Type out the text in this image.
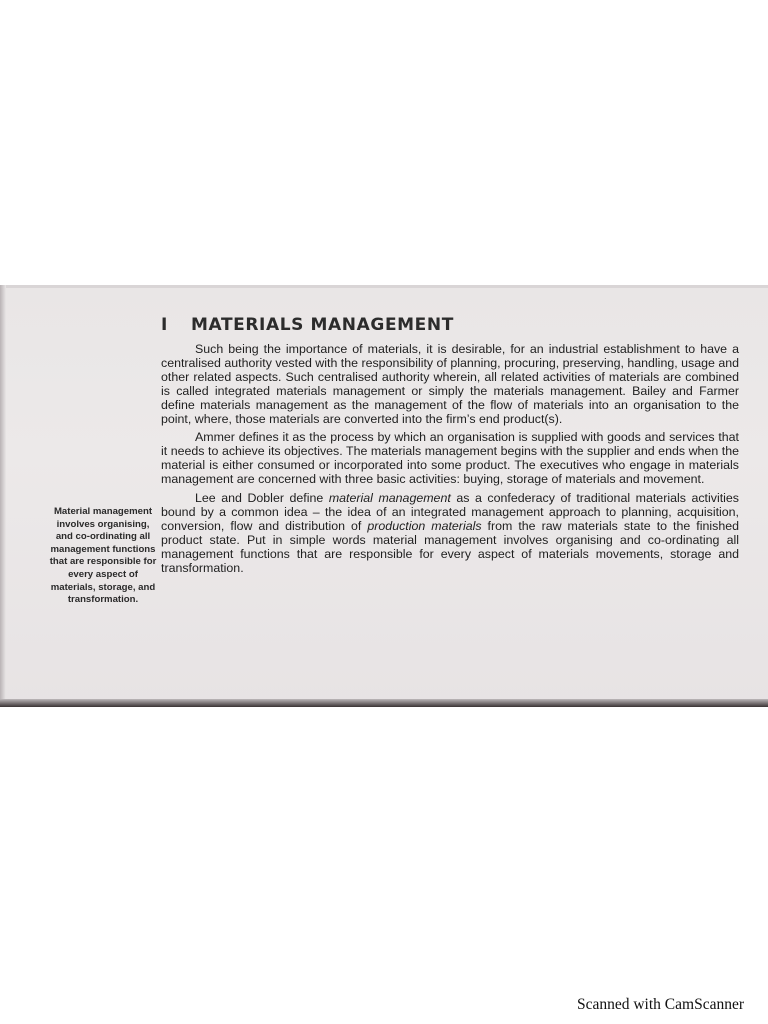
Material management involves organising, and co-ordinating all management functions that are responsible for every aspect of materials, storage, and transformation.
I	MATERIALS MANAGEMENT

Such being the importance of materials, it is desirable, for an industrial establishment to have a centralised authority vested with the responsibility of planning, procuring, preserving, handling, usage and other related aspects. Such centralised authority wherein, all related activities of materials are combined is called integrated materials management or simply the materials management. Bailey and Farmer define materials management as the management of the flow of materials into an organisation to the point, where, those materials are converted into the firm’s end product(s).

Ammer defines it as the process by which an organisation is supplied with goods and services that it needs to achieve its objectives. The materials management begins with the supplier and ends when the material is either consumed or incorporated into some product. The executives who engage in materials management are concerned with three basic activities: buying, storage of materials and movement.

Lee and Dobler define material management as a confederacy of traditional materials activities bound by a common idea – the idea of an integrated management approach to planning, acquisition, conversion, flow and distribution of production materials from the raw materials state to the finished product state. Put in simple words material management involves organising and co-ordinating all management functions that are responsible for every aspect of materials movements, storage and transformation.

Scanned with CamScanner
